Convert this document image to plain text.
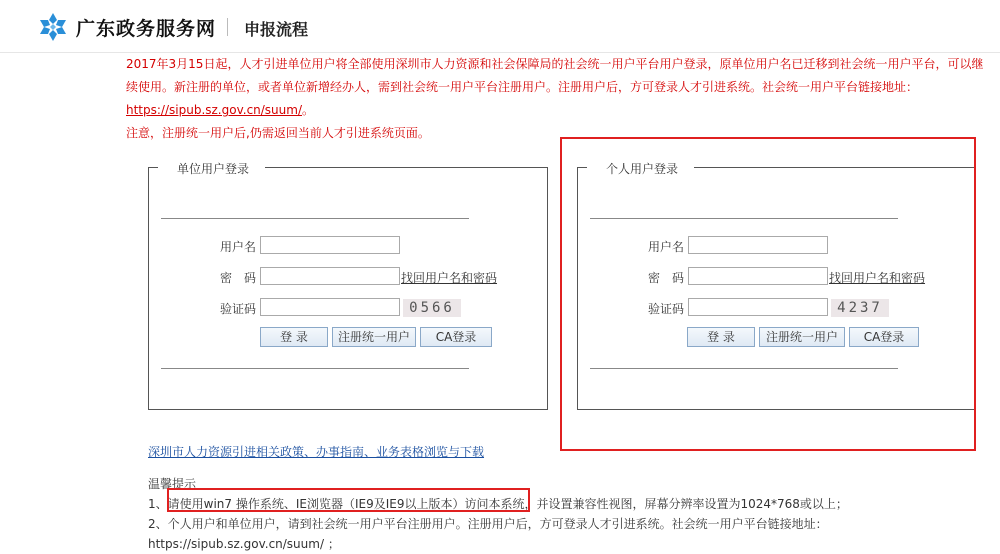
广东政务服务网 申报流程

2017年3月15日起，人才引进单位用户将全部使用深圳市人力资源和社会保障局的社会统一用户平台用户登录，原单位用户名已迁移到社会统一用户平台，可以继续使用。新注册的单位，或者单位新增经办人，需到社会统一用户平台注册用户。注册用户后，方可登录人才引进系统。社会统一用户平台链接地址：
https://sipub.sz.gov.cn/suum/。

注意，注册统一用户后,仍需返回当前人才引进系统页面。

单位用户登录
用户名
密　码	找回用户名和密码
验证码	0566
登 录	注册统一用户	CA登录
个人用户登录
用户名
密　码	找回用户名和密码
验证码	4237
登 录	注册统一用户	CA登录
深圳市人力资源引进相关政策、办事指南、业务表格浏览与下载

温馨提示

1、请使用win7 操作系统、IE浏览器（IE9及IE9以上版本）访问本系统，并设置兼容性视图，屏幕分辨率设置为1024*768或以上；

2、个人用户和单位用户，请到社会统一用户平台注册用户。注册用户后，方可登录人才引进系统。社会统一用户平台链接地址：

https://sipub.sz.gov.cn/suum/ ；
